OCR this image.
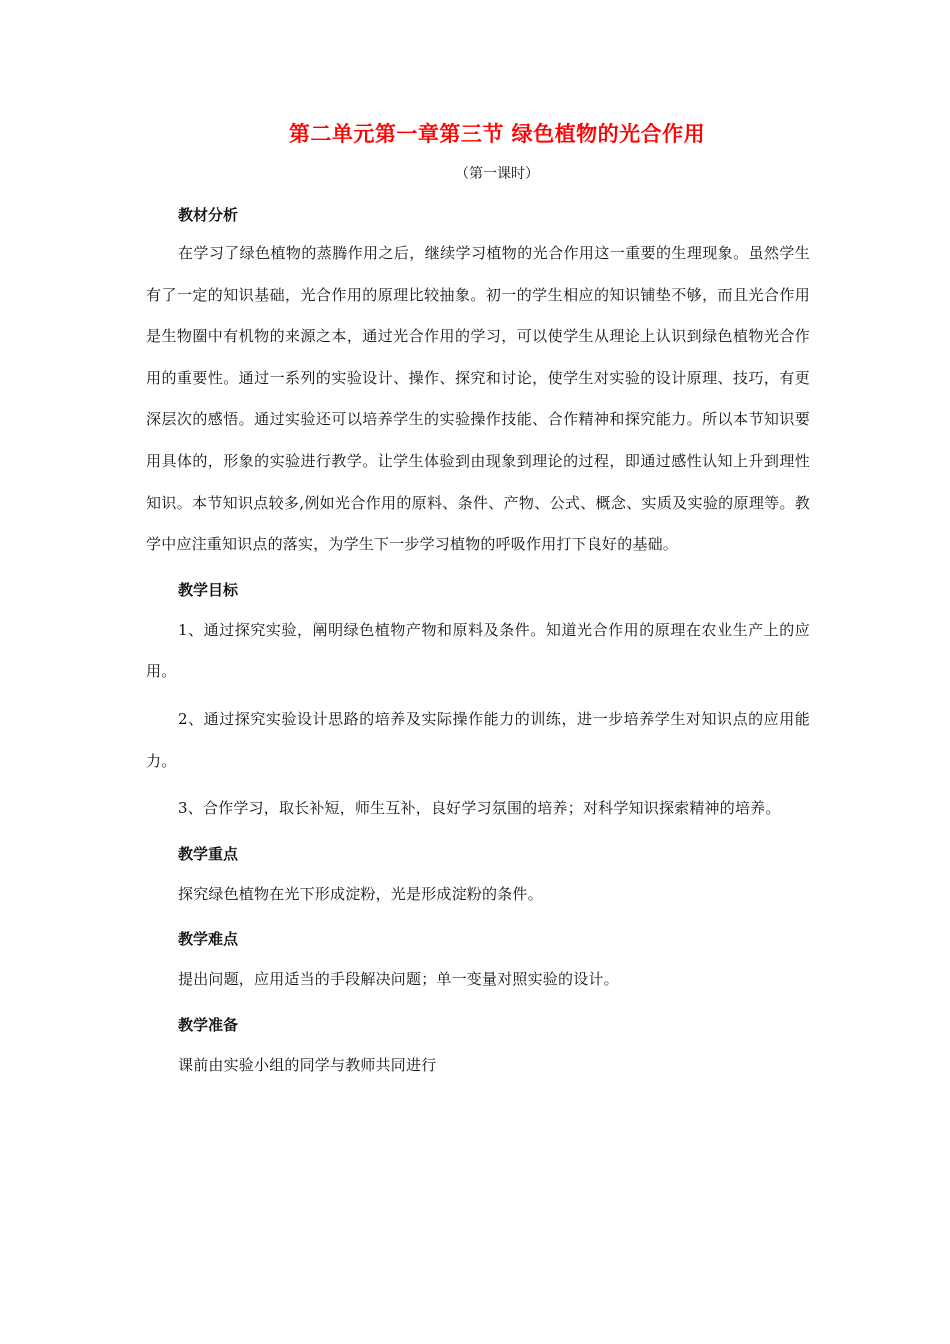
第二单元第一章第三节 绿色植物的光合作用
（第一课时）

教材分析

在学习了绿色植物的蒸腾作用之后，继续学习植物的光合作用这一重要的生理现象。虽然学生有了一定的知识基础，光合作用的原理比较抽象。初一的学生相应的知识铺垫不够，而且光合作用是生物圈中有机物的来源之本，通过光合作用的学习，可以使学生从理论上认识到绿色植物光合作用的重要性。通过一系列的实验设计、操作、探究和讨论，使学生对实验的设计原理、技巧，有更深层次的感悟。通过实验还可以培养学生的实验操作技能、合作精神和探究能力。所以本节知识要用具体的，形象的实验进行教学。让学生体验到由现象到理论的过程，即通过感性认知上升到理性知识。本节知识点较多,例如光合作用的原料、条件、产物、公式、概念、实质及实验的原理等。教学中应注重知识点的落实，为学生下一步学习植物的呼吸作用打下良好的基础。

教学目标

1、通过探究实验，阐明绿色植物产物和原料及条件。知道光合作用的原理在农业生产上的应用。

2、通过探究实验设计思路的培养及实际操作能力的训练，进一步培养学生对知识点的应用能力。

3、合作学习，取长补短，师生互补，良好学习氛围的培养；对科学知识探索精神的培养。

教学重点

探究绿色植物在光下形成淀粉，光是形成淀粉的条件。

教学难点

提出问题，应用适当的手段解决问题；单一变量对照实验的设计。

教学准备

课前由实验小组的同学与教师共同进行
